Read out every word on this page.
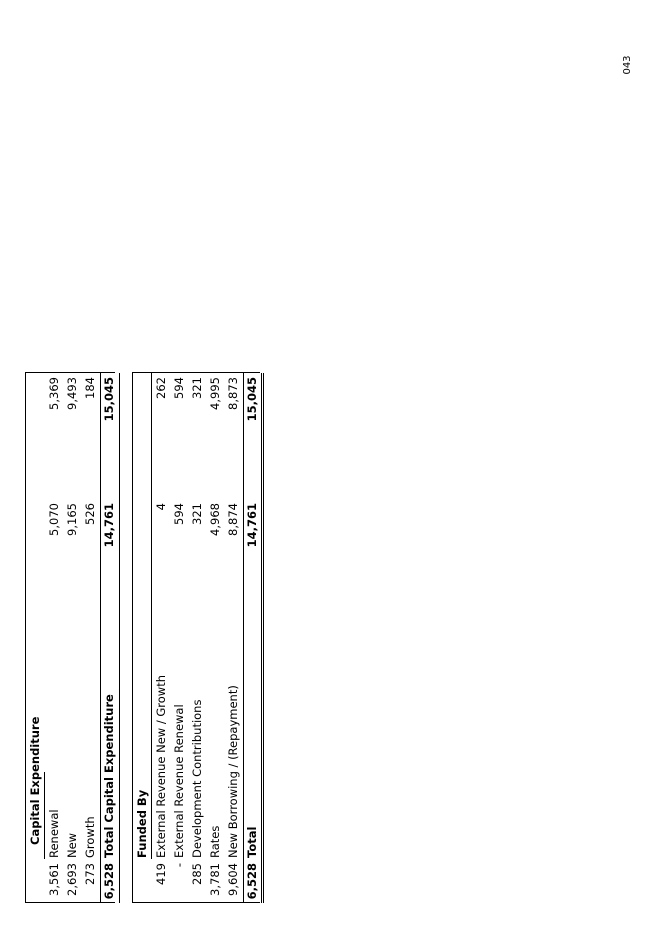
043
Capital Expenditure
3,561
Renewal
5,070
5,369
2,693
New
9,165
9,493
273
Growth
526
184
6,528
Total Capital Expenditure
14,761
15,045
Funded By
419
External Revenue New / Growth
4
262
-
External Revenue Renewal
594
594
285
Development Contributions
321
321
3,781
Rates
4,968
4,995
9,604
New Borrowing / (Repayment)
8,874
8,873
6,528
Total
14,761
15,045
